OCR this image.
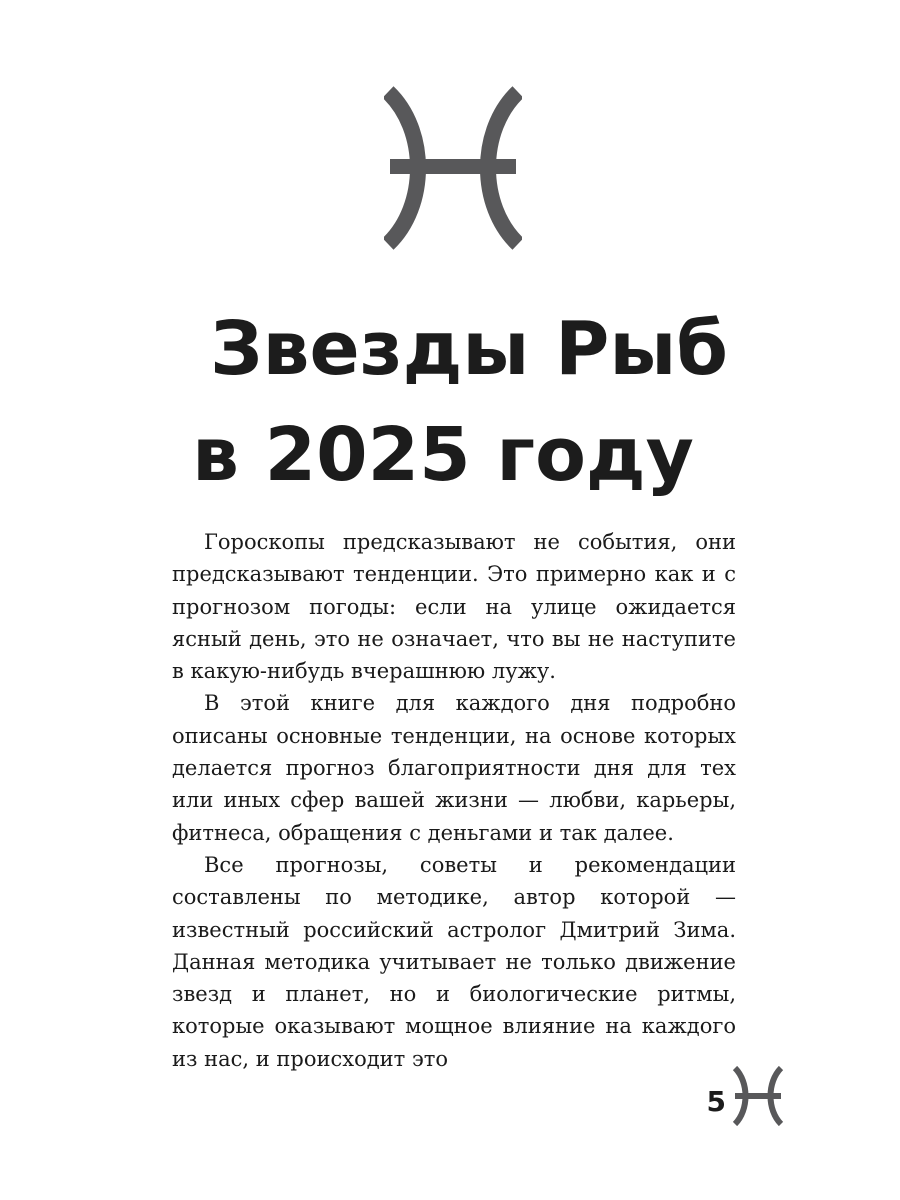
Звезды Рыб
в 2025 году

Гороскопы предсказывают не события, они предсказывают тенденции. Это примерно как и с прогнозом погоды: если на улице ожидается ясный день, это не означает, что вы не наступите в какую-нибудь вчерашнюю лужу.

В этой книге для каждого дня подробно описаны основные тенденции, на основе которых делается прогноз благоприятности дня для тех или иных сфер вашей жизни — любви, карьеры, фитнеса, обращения с деньгами и так далее.

Все прогнозы, советы и рекомендации составлены по методике, автор которой — известный российский астролог Дмитрий Зима. Данная методика учитывает не только движение звезд и планет, но и биологические ритмы, которые оказывают мощное влияние на каждого из нас, и происходит это

5
